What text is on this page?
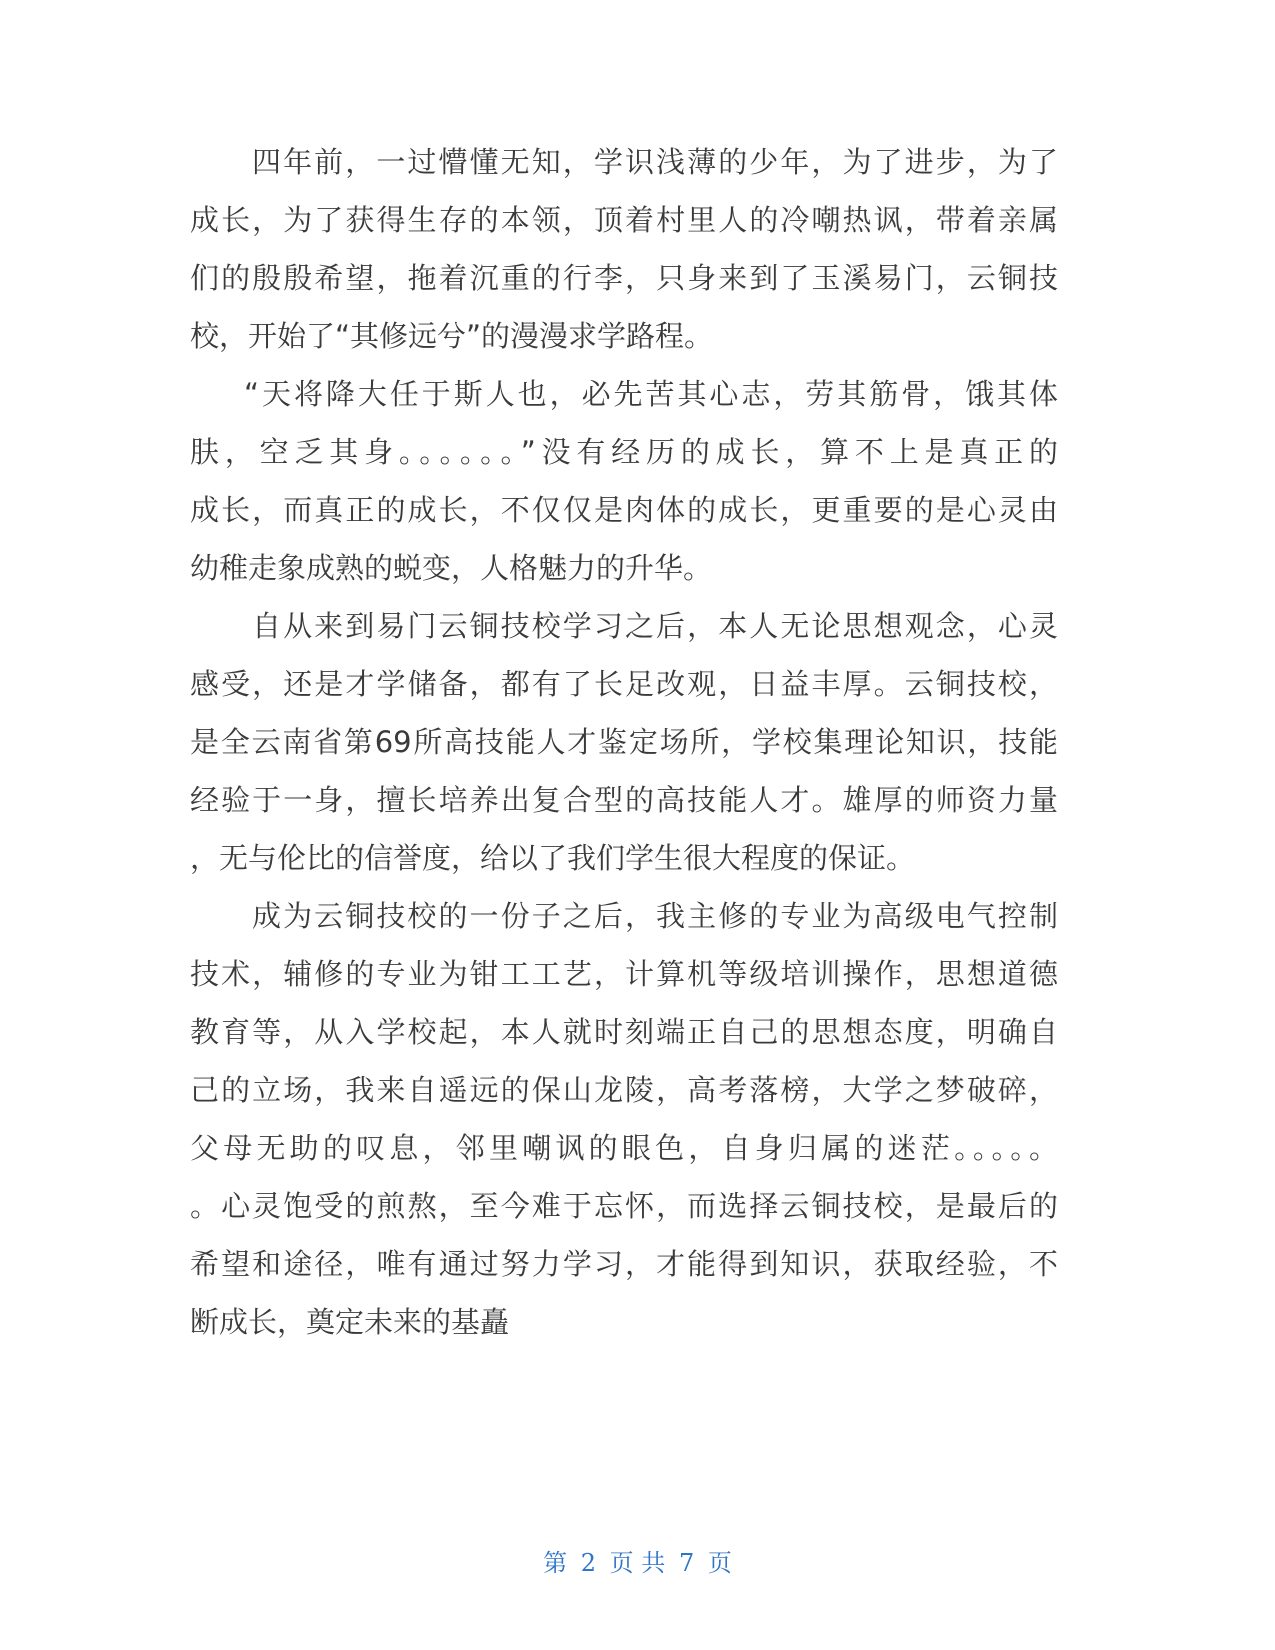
四年前，一过懵懂无知，学识浅薄的少年，为了进步，为了
成长，为了获得生存的本领，顶着村里人的冷嘲热讽，带着亲属
们的殷殷希望，拖着沉重的行李，只身来到了玉溪易门，云铜技
校，开始了“其修远兮”的漫漫求学路程。
“天将降大任于斯人也，必先苦其心志，劳其筋骨，饿其体
肤，空乏其身。。。。。。”没有经历的成长，算不上是真正的
成长，而真正的成长，不仅仅是肉体的成长，更重要的是心灵由
幼稚走象成熟的蜕变，人格魅力的升华。
自从来到易门云铜技校学习之后，本人无论思想观念，心灵
感受，还是才学储备，都有了长足改观，日益丰厚。云铜技校，
是全云南省第69所高技能人才鉴定场所，学校集理论知识，技能
经验于一身，擅长培养出复合型的高技能人才。雄厚的师资力量
，无与伦比的信誉度，给以了我们学生很大程度的保证。
成为云铜技校的一份子之后，我主修的专业为高级电气控制
技术，辅修的专业为钳工工艺，计算机等级培训操作，思想道德
教育等，从入学校起，本人就时刻端正自己的思想态度，明确自
己的立场，我来自遥远的保山龙陵，高考落榜，大学之梦破碎，
父母无助的叹息，邻里嘲讽的眼色，自身归属的迷茫。。。。。
。心灵饱受的煎熬，至今难于忘怀，而选择云铜技校，是最后的
希望和途径，唯有通过努力学习，才能得到知识，获取经验，不
断成长，奠定未来的基矗
第 2 页 共 7 页
